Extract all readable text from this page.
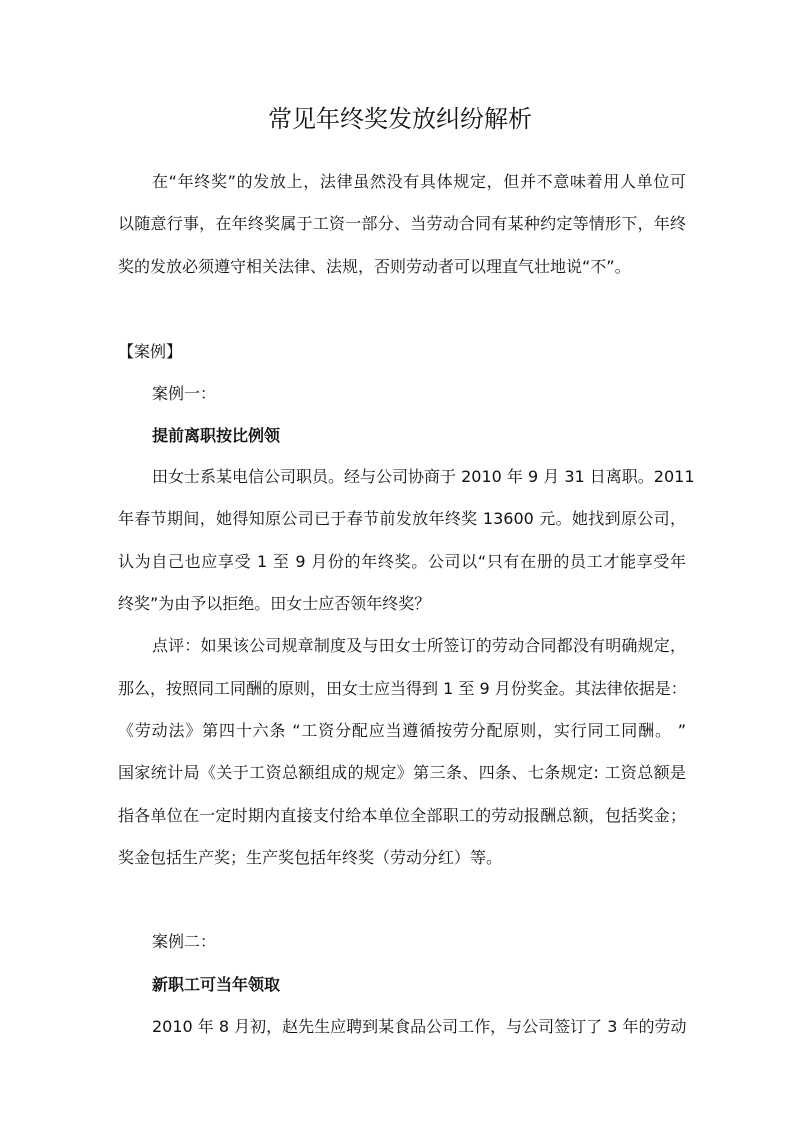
常见年终奖发放纠纷解析

在“年终奖”的发放上，法律虽然没有具体规定，但并不意味着用人单位可

以随意行事，在年终奖属于工资一部分、当劳动合同有某种约定等情形下，年终

奖的发放必须遵守相关法律、法规，否则劳动者可以理直气壮地说“不”。

【案例】

案例一：

提前离职按比例领

田女士系某电信公司职员。经与公司协商于 2010 年 9 月 31 日离职。2011

年春节期间，她得知原公司已于春节前发放年终奖 13600 元。她找到原公司，

认为自己也应享受 1 至 9 月份的年终奖。公司以“只有在册的员工才能享受年

终奖”为由予以拒绝。田女士应否领年终奖？

点评：如果该公司规章制度及与田女士所签订的劳动合同都没有明确规定，

那么，按照同工同酬的原则，田女士应当得到 1 至 9 月份奖金。其法律依据是：

《劳动法》第四十六条 “工资分配应当遵循按劳分配原则，实行同工同酬。 ”

国家统计局《关于工资总额组成的规定》第三条、四条、七条规定: 工资总额是

指各单位在一定时期内直接支付给本单位全部职工的劳动报酬总额，包括奖金；

奖金包括生产奖；生产奖包括年终奖（劳动分红）等。

案例二：

新职工可当年领取

2010 年 8 月初，赵先生应聘到某食品公司工作，与公司签订了 3 年的劳动
